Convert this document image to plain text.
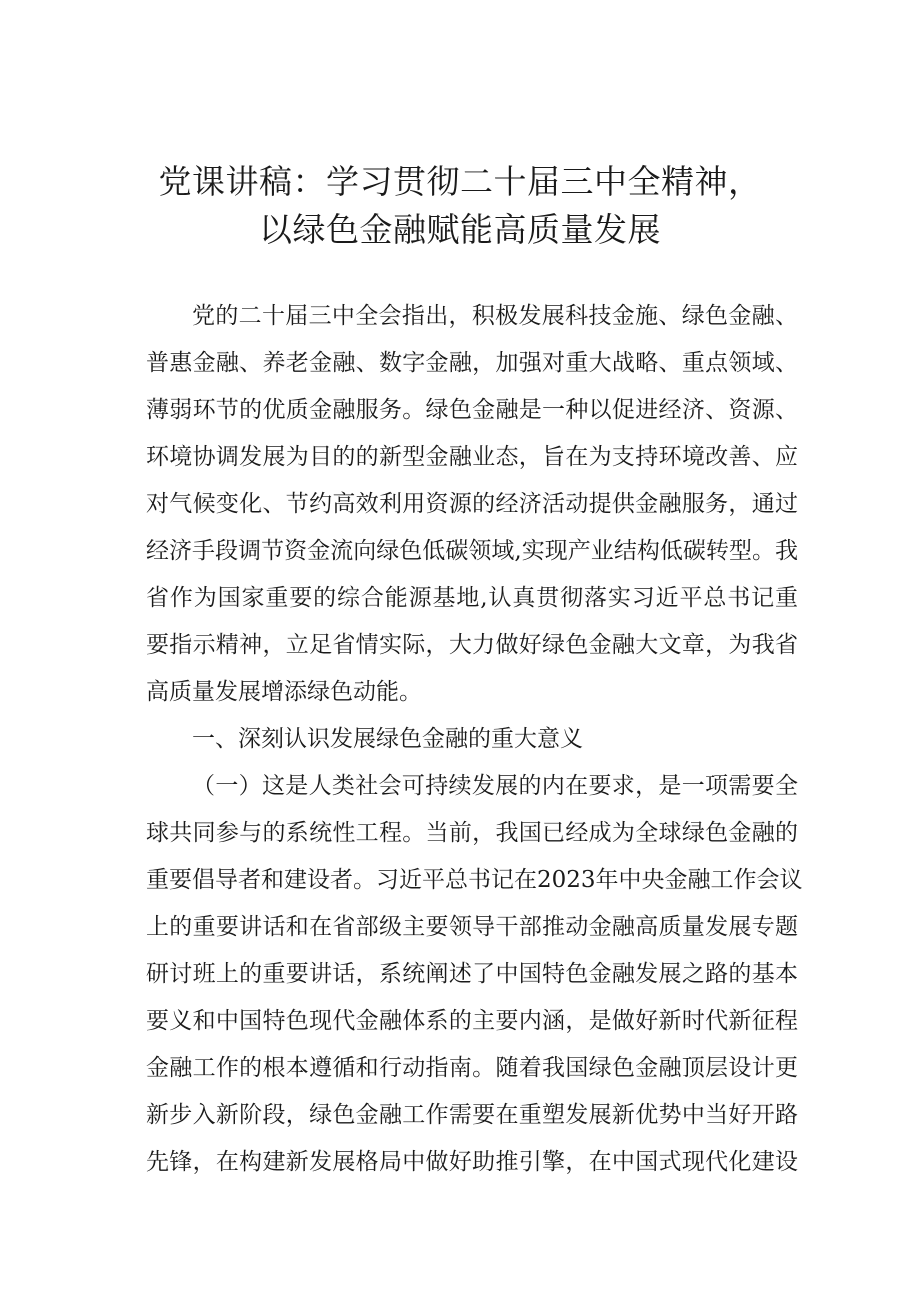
党课讲稿：学习贯彻二十届三中全精神，
以绿色金融赋能高质量发展
党的二十届三中全会指出，积极发展科技金施、绿色金融、
普惠金融、养老金融、数字金融，加强对重大战略、重点领域、
薄弱环节的优质金融服务。绿色金融是一种以促进经济、资源、
环境协调发展为目的的新型金融业态，旨在为支持环境改善、应
对气候变化、节约高效利用资源的经济活动提供金融服务，通过
经济手段调节资金流向绿色低碳领域,实现产业结构低碳转型。我
省作为国家重要的综合能源基地,认真贯彻落实习近平总书记重
要指示精神，立足省情实际，大力做好绿色金融大文章，为我省
高质量发展增添绿色动能。
一、深刻认识发展绿色金融的重大意义
（一）这是人类社会可持续发展的内在要求，是一项需要全
球共同参与的系统性工程。当前，我国已经成为全球绿色金融的
重要倡导者和建设者。习近平总书记在2023年中央金融工作会议
上的重要讲话和在省部级主要领导干部推动金融高质量发展专题
研讨班上的重要讲话，系统阐述了中国特色金融发展之路的基本
要义和中国特色现代金融体系的主要内涵，是做好新时代新征程
金融工作的根本遵循和行动指南。随着我国绿色金融顶层设计更
新步入新阶段，绿色金融工作需要在重塑发展新优势中当好开路
先锋，在构建新发展格局中做好助推引擎，在中国式现代化建设
